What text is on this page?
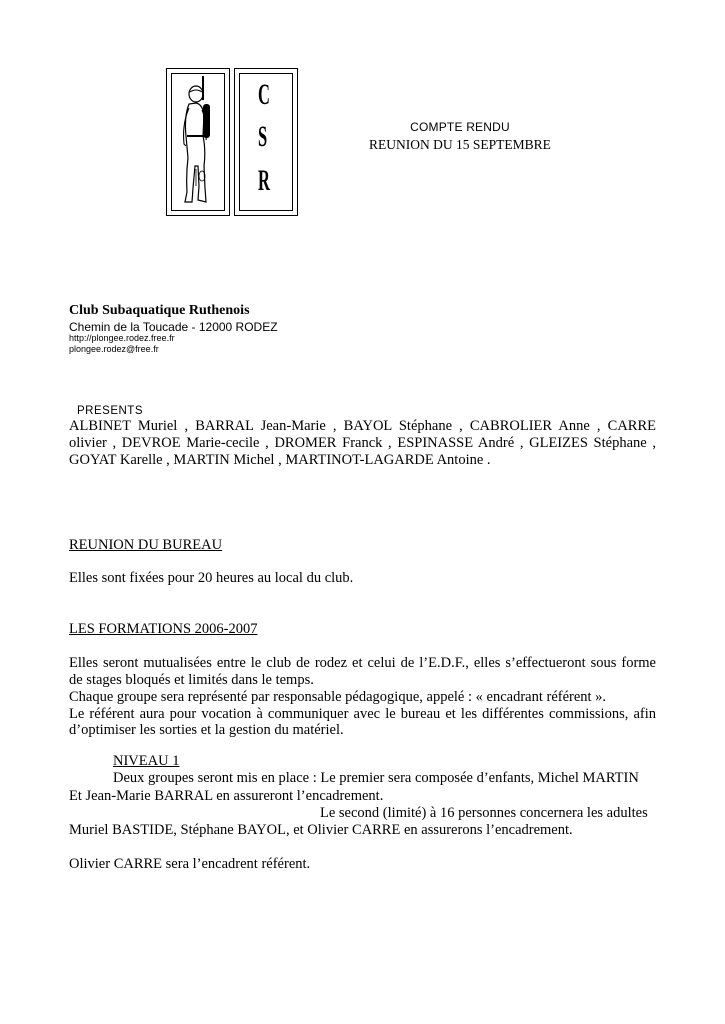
C
S
R
COMPTE RENDU
REUNION DU 15 SEPTEMBRE
Club Subaquatique Ruthenois
Chemin de la Toucade - 12000 RODEZ
http://plongee.rodez.free.fr
plongee.rodez@free.fr
PRESENTS
ALBINET Muriel , BARRAL Jean-Marie , BAYOL Stéphane , CABROLIER Anne , CARRE
olivier , DEVROE Marie-cecile , DROMER Franck , ESPINASSE André , GLEIZES Stéphane ,
GOYAT Karelle , MARTIN Michel , MARTINOT-LAGARDE Antoine .
REUNION DU BUREAU
Elles sont fixées pour 20 heures au local du club.
LES FORMATIONS 2006-2007
Elles seront mutualisées entre le club de rodez et celui de l’E.D.F., elles s’effectueront sous forme
de stages bloqués et limités dans le temps.
Chaque groupe sera représenté par responsable pédagogique, appelé : « encadrant référent ».
Le référent aura pour vocation à communiquer avec le bureau et les différentes commissions, afin
d’optimiser les sorties et la gestion du matériel.
NIVEAU 1
Deux groupes seront mis en place : Le premier sera composée d’enfants, Michel MARTIN
Et Jean-Marie BARRAL en assureront l’encadrement.
Le second (limité) à 16 personnes concernera les adultes
Muriel BASTIDE, Stéphane BAYOL, et Olivier CARRE en assurerons l’encadrement.
Olivier CARRE sera l’encadrent référent.
